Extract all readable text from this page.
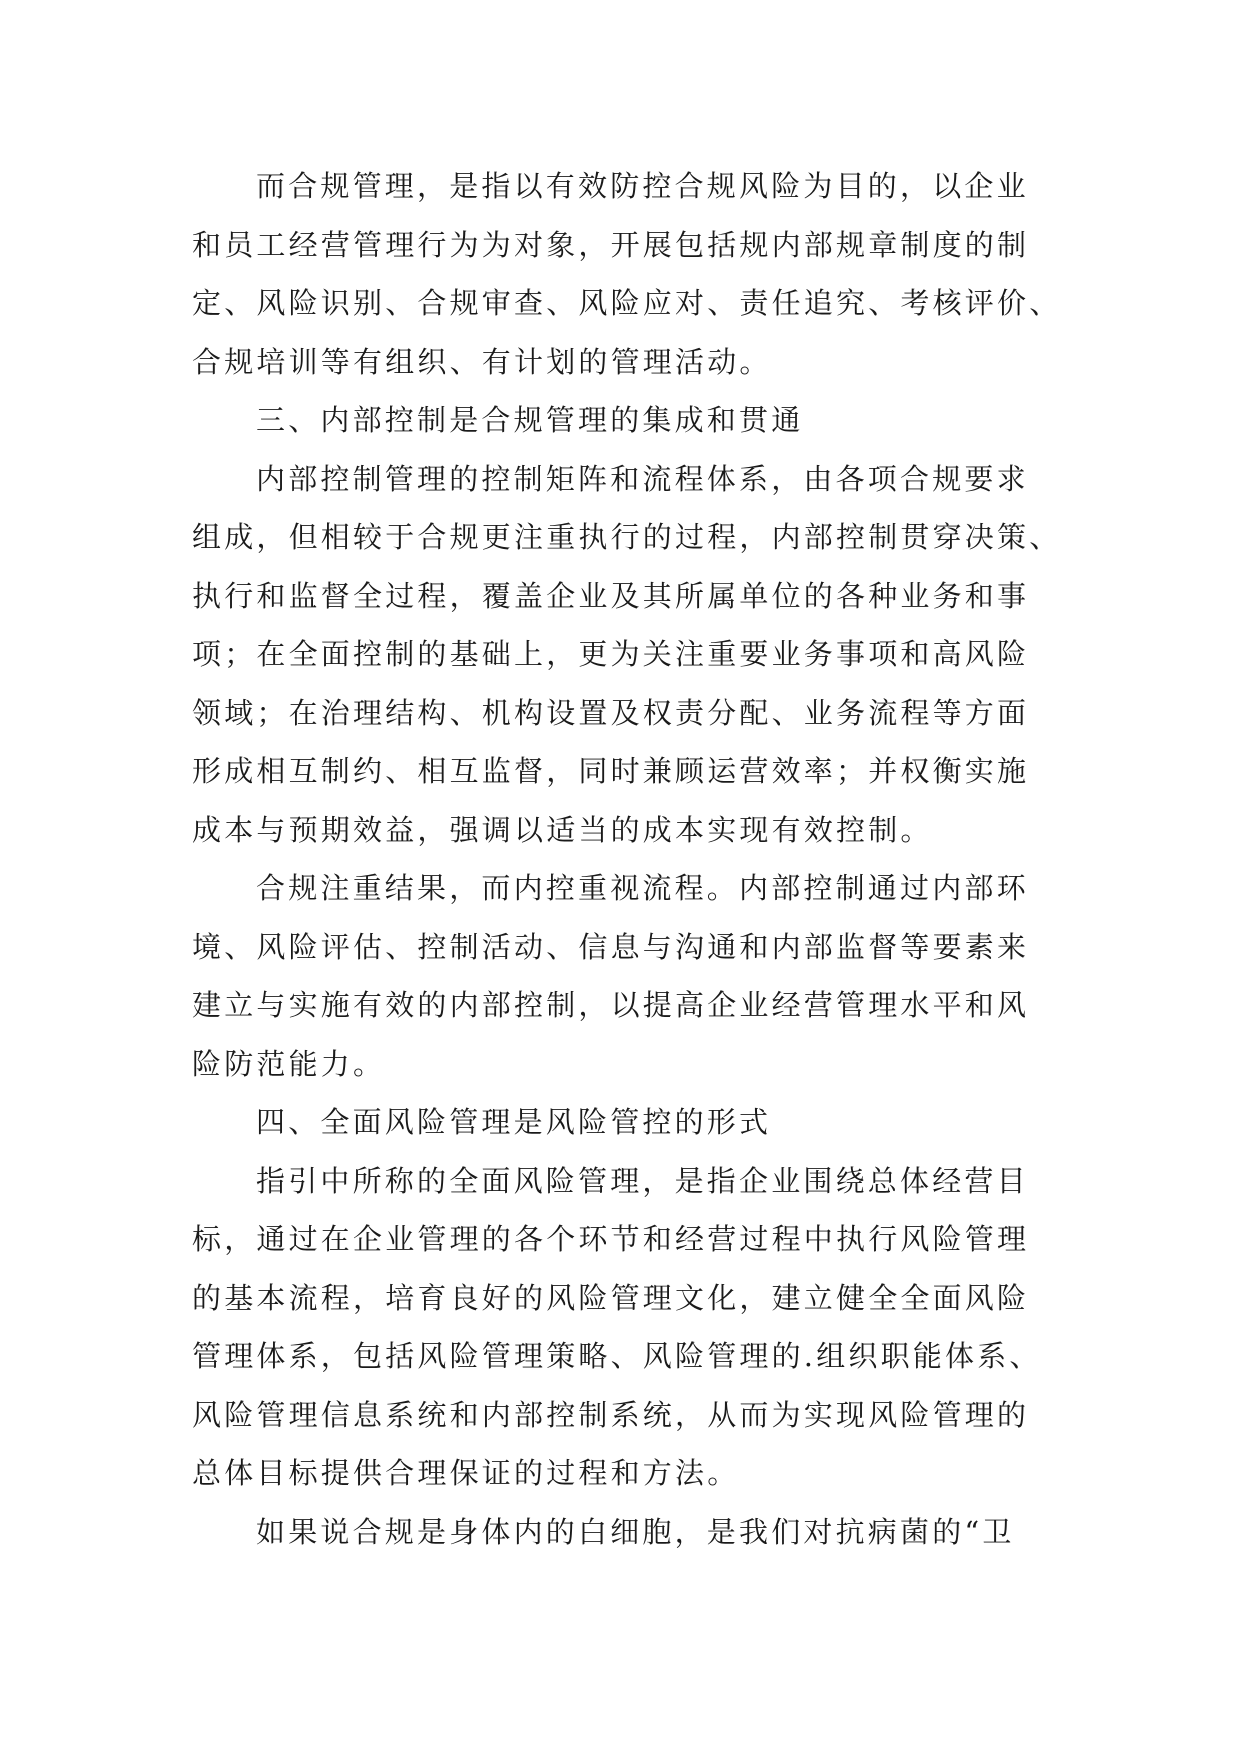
而合规管理，是指以有效防控合规风险为目的，以企业
和员工经营管理行为为对象，开展包括规内部规章制度的制
定、风险识别、合规审查、风险应对、责任追究、考核评价、
合规培训等有组织、有计划的管理活动。
三、内部控制是合规管理的集成和贯通
内部控制管理的控制矩阵和流程体系，由各项合规要求
组成，但相较于合规更注重执行的过程，内部控制贯穿决策、
执行和监督全过程，覆盖企业及其所属单位的各种业务和事
项；在全面控制的基础上，更为关注重要业务事项和高风险
领域；在治理结构、机构设置及权责分配、业务流程等方面
形成相互制约、相互监督，同时兼顾运营效率；并权衡实施
成本与预期效益，强调以适当的成本实现有效控制。
合规注重结果，而内控重视流程。内部控制通过内部环
境、风险评估、控制活动、信息与沟通和内部监督等要素来
建立与实施有效的内部控制，以提高企业经营管理水平和风
险防范能力。
四、全面风险管理是风险管控的形式
指引中所称的全面风险管理，是指企业围绕总体经营目
标，通过在企业管理的各个环节和经营过程中执行风险管理
的基本流程，培育良好的风险管理文化，建立健全全面风险
管理体系，包括风险管理策略、风险管理的.组织职能体系、
风险管理信息系统和内部控制系统，从而为实现风险管理的
总体目标提供合理保证的过程和方法。
如果说合规是身体内的白细胞，是我们对抗病菌的“卫
